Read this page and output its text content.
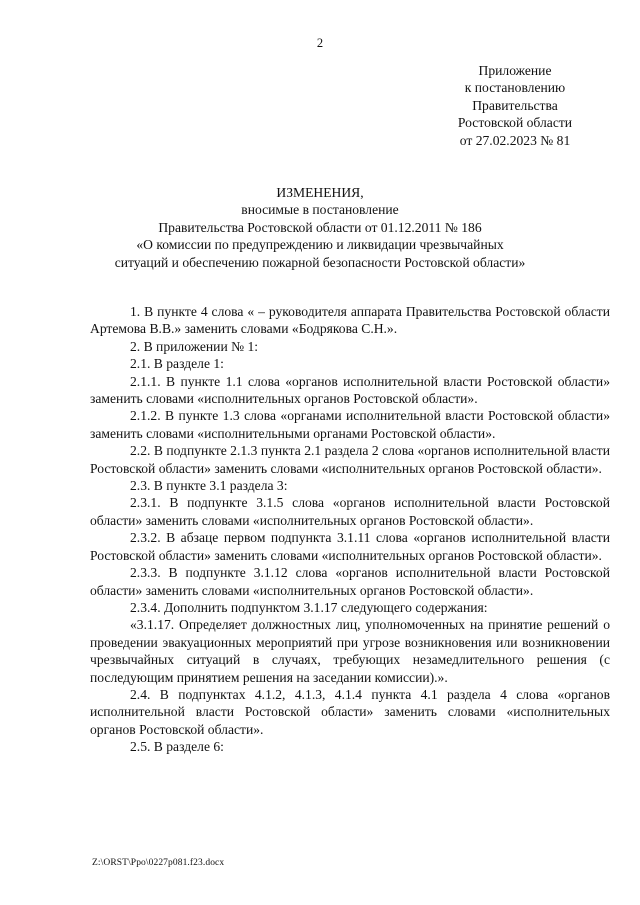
2
Приложение
к постановлению
Правительства
Ростовской области
от 27.02.2023 № 81
ИЗМЕНЕНИЯ,
вносимые в постановление
Правительства Ростовской области от 01.12.2011 № 186
«О комиссии по предупреждению и ликвидации чрезвычайных
ситуаций и обеспечению пожарной безопасности Ростовской области»

1. В пункте 4 слова « – руководителя аппарата Правительства Ростовской области Артемова В.В.» заменить словами «Бодрякова С.Н.».

2. В приложении № 1:

2.1. В разделе 1:

2.1.1. В пункте 1.1 слова «органов исполнительной власти Ростовской области» заменить словами «исполнительных органов Ростовской области».

2.1.2. В пункте 1.3 слова «органами исполнительной власти Ростовской области» заменить словами «исполнительными органами Ростовской области».

2.2. В подпункте 2.1.3 пункта 2.1 раздела 2 слова «органов исполнительной власти Ростовской области» заменить словами «исполнительных органов Ростовской области».

2.3. В пункте 3.1 раздела 3:

2.3.1. В подпункте 3.1.5 слова «органов исполнительной власти Ростовской области» заменить словами «исполнительных органов Ростовской области».

2.3.2. В абзаце первом подпункта 3.1.11 слова «органов исполнительной власти Ростовской области» заменить словами «исполнительных органов Ростовской области».

2.3.3. В подпункте 3.1.12 слова «органов исполнительной власти Ростовской области» заменить словами «исполнительных органов Ростовской области».

2.3.4. Дополнить подпунктом 3.1.17 следующего содержания:

«3.1.17. Определяет должностных лиц, уполномоченных на принятие решений о проведении эвакуационных мероприятий при угрозе возникновения или возникновении чрезвычайных ситуаций в случаях, требующих незамедлительного решения (с последующим принятием решения на заседании комиссии).».

2.4. В подпунктах 4.1.2, 4.1.3, 4.1.4 пункта 4.1 раздела 4 слова «органов исполнительной власти Ростовской области» заменить словами «исполнительных органов Ростовской области».

2.5. В разделе 6:

Z:\ORST\Ppo\0227p081.f23.docx
